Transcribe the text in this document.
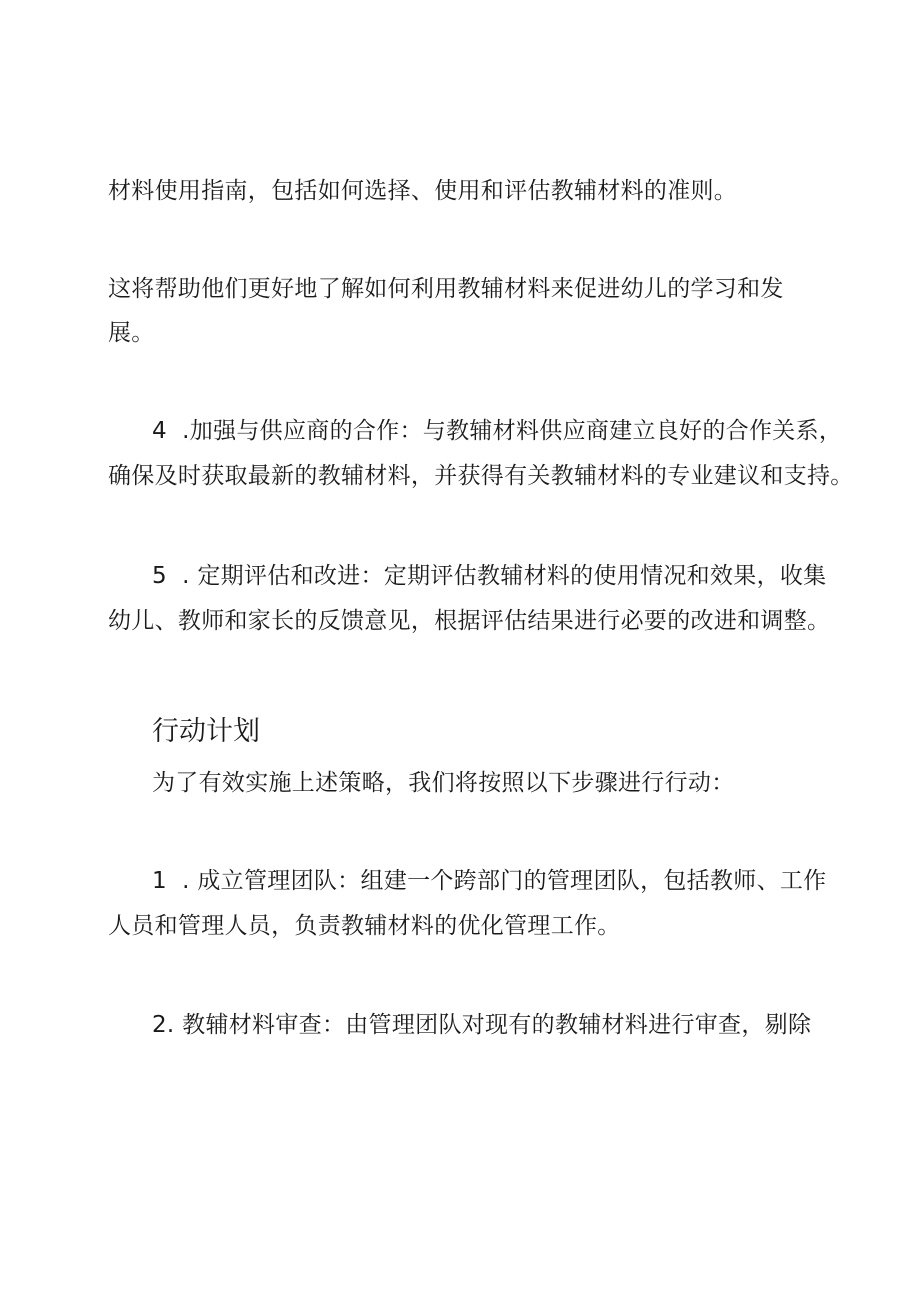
材料使用指南，包括如何选择、使用和评估教辅材料的准则。
这将帮助他们更好地了解如何利用教辅材料来促进幼儿的学习和发
展。
4  .加强与供应商的合作：与教辅材料供应商建立良好的合作关系，
确保及时获取最新的教辅材料，并获得有关教辅材料的专业建议和支持。
5  . 定期评估和改进：定期评估教辅材料的使用情况和效果，收集
幼儿、教师和家长的反馈意见，根据评估结果进行必要的改进和调整。
行动计划
为了有效实施上述策略，我们将按照以下步骤进行行动：
1  . 成立管理团队：组建一个跨部门的管理团队，包括教师、工作
人员和管理人员，负责教辅材料的优化管理工作。
2. 教辅材料审查：由管理团队对现有的教辅材料进行审查，剔除
